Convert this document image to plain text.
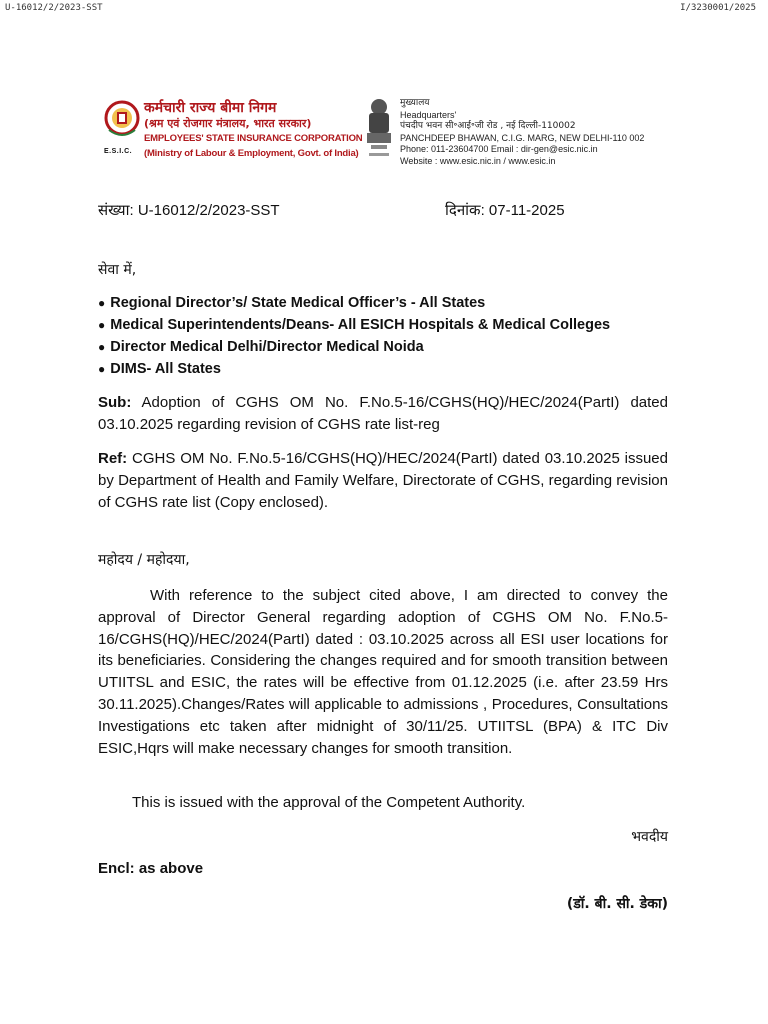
U-16012/2/2023-SST	I/3230001/2025
E.S.I.C.
कर्मचारी राज्य बीमा निगम
(श्रम एवं रोजगार मंत्रालय, भारत सरकार)
EMPLOYEES' STATE INSURANCE CORPORATION
(Ministry of Labour & Employment, Govt. of India)
मुख्यालय
Headquarters'
पंचदीप भवन सी॰आई॰जी रोड , नई दिल्ली-110002
PANCHDEEP BHAWAN, C.I.G. MARG, NEW DELHI-110 002
Phone: 011-23604700 Email : dir-gen@esic.nic.in
Website : www.esic.nic.in / www.esic.in
संख्या: U-16012/2/2023-SST	दिनांक: 07-11-2025
सेवा में,
● Regional Director’s/ State Medical Officer’s - All States
● Medical Superintendents/Deans- All ESICH Hospitals & Medical Colleges
● Director Medical Delhi/Director Medical Noida
● DIMS- All States
Sub: Adoption of CGHS OM No. F.No.5-16/CGHS(HQ)/HEC/2024(PartI) dated 03.10.2025 regarding revision of CGHS rate list-reg
Ref: CGHS OM No. F.No.5-16/CGHS(HQ)/HEC/2024(PartI) dated 03.10.2025 issued by Department of Health and Family Welfare, Directorate of CGHS, regarding revision of CGHS rate list (Copy enclosed).
महोदय / महोदया,
With reference to the subject cited above, I am directed to convey the approval of Director General regarding adoption of CGHS OM No. F.No.5-16/CGHS(HQ)/HEC/2024(PartI) dated : 03.10.2025 across all ESI user locations for its beneficiaries. Considering the changes required and for smooth transition between UTIITSL and ESIC, the rates will be effective from 01.12.2025 (i.e. after 23.59 Hrs 30.11.2025).Changes/Rates will applicable to admissions , Procedures, Consultations Investigations etc taken after midnight of 30/11/25. UTIITSL (BPA) & ITC Div ESIC,Hqrs will make necessary changes for smooth transition.
This is issued with the approval of the Competent Authority.
भवदीय
Encl: as above
(डॉ. बी. सी. डेका)
